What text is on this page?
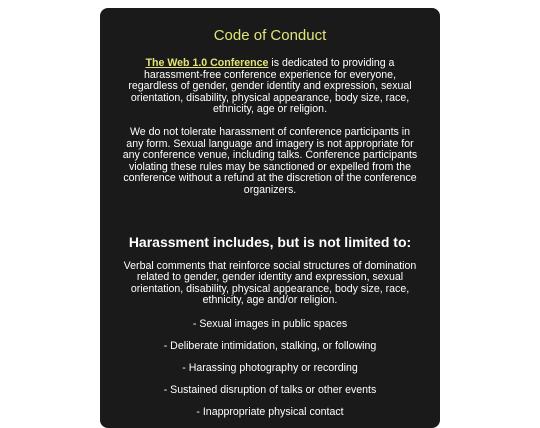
Code of Conduct

The Web 1.0 Conference is dedicated to providing a harassment-free conference experience for everyone, regardless of gender, gender identity and expression, sexual orientation, disability, physical appearance, body size, race, ethnicity, age or religion.

We do not tolerate harassment of conference participants in any form. Sexual language and imagery is not appropriate for any conference venue, including talks. Conference participants violating these rules may be sanctioned or expelled from the conference without a refund at the discretion of the conference organizers.

Harassment includes, but is not limited to:

Verbal comments that reinforce social structures of domination related to gender, gender identity and expression, sexual orientation, disability, physical appearance, body size, race, ethnicity, age and/or religion.

- Sexual images in public spaces

- Deliberate intimidation, stalking, or following

- Harassing photography or recording

- Sustained disruption of talks or other events

- Inappropriate physical contact
